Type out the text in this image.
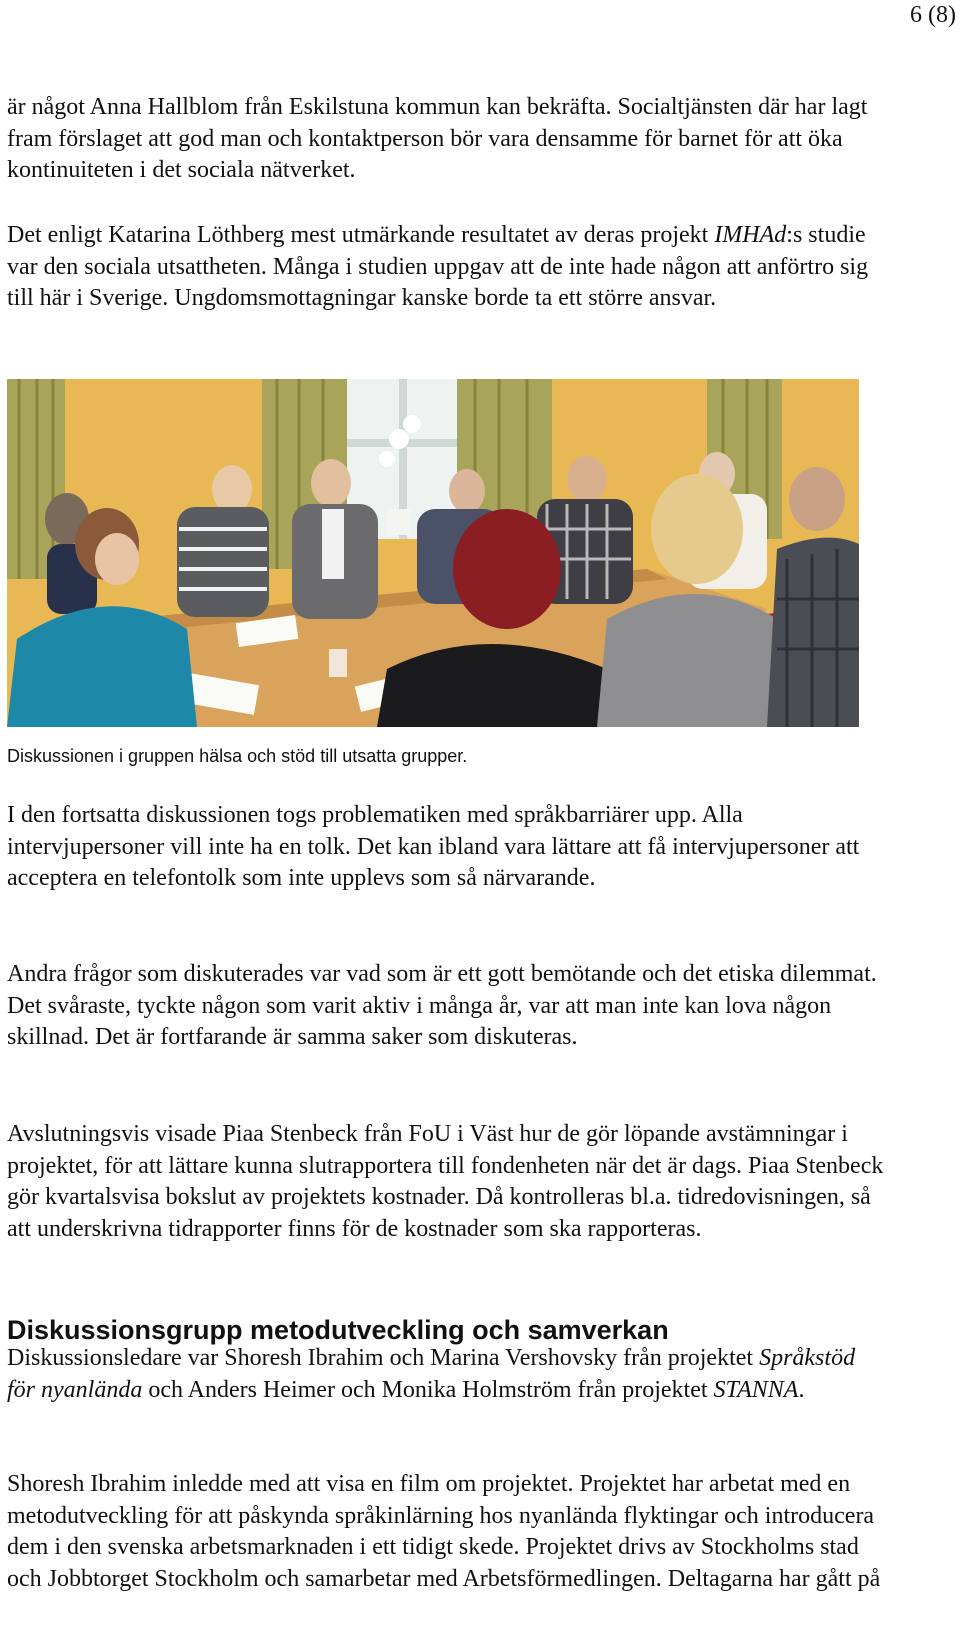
6 (8)

är något Anna Hallblom från Eskilstuna kommun kan bekräfta. Socialtjänsten där har lagt fram förslaget att god man och kontaktperson bör vara densamme för barnet för att öka kontinuiteten i det sociala nätverket.

Det enligt Katarina Löthberg mest utmärkande resultatet av deras projekt IMHAd:s studie var den sociala utsattheten. Många i studien uppgav att de inte hade någon att anförtro sig till här i Sverige. Ungdomsmottagningar kanske borde ta ett större ansvar.

Diskussionen i gruppen hälsa och stöd till utsatta grupper.

I den fortsatta diskussionen togs problematiken med språkbarriärer upp. Alla intervjupersoner vill inte ha en tolk. Det kan ibland vara lättare att få intervjupersoner att acceptera en telefontolk som inte upplevs som så närvarande.

Andra frågor som diskuterades var vad som är ett gott bemötande och det etiska dilemmat. Det svåraste, tyckte någon som varit aktiv i många år, var att man inte kan lova någon skillnad. Det är fortfarande är samma saker som diskuteras.

Avslutningsvis visade Piaa Stenbeck från FoU i Väst hur de gör löpande avstämningar i projektet, för att lättare kunna slutrapportera till fondenheten när det är dags. Piaa Stenbeck gör kvartalsvisa bokslut av projektets kostnader. Då kontrolleras bl.a. tidredovisningen, så att underskrivna tidrapporter finns för de kostnader som ska rapporteras.

Diskussionsgrupp metodutveckling och samverkan

Diskussionsledare var Shoresh Ibrahim och Marina Vershovsky från projektet Språkstöd för nyanlända och Anders Heimer och Monika Holmström från projektet STANNA.

Shoresh Ibrahim inledde med att visa en film om projektet. Projektet har arbetat med en metodutveckling för att påskynda språkinlärning hos nyanlända flyktingar och introducera dem i den svenska arbetsmarknaden i ett tidigt skede. Projektet drivs av Stockholms stad och Jobbtorget Stockholm och samarbetar med Arbetsförmedlingen. Deltagarna har gått på
